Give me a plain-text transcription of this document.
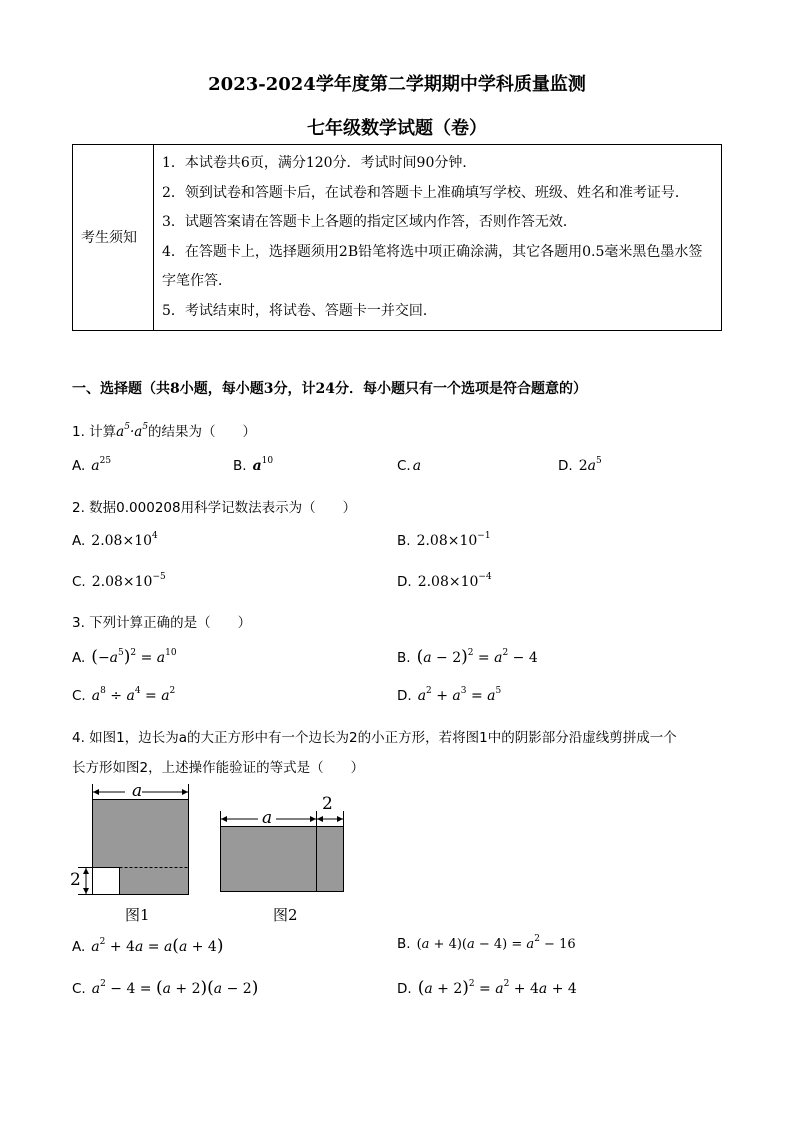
2023-2024学年度第二学期期中学科质量监测
七年级数学试题（卷）
考生须知	
1．本试卷共6页，满分120分．考试时间90分钟．
2．领到试卷和答题卡后，在试卷和答题卡上准确填写学校、班级、姓名和准考证号．
3．试题答案请在答题卡上各题的指定区域内作答，否则作答无效．
4．在答题卡上，选择题须用2B铅笔将选中项正确涂满，其它各题用0.5毫米黑色墨水签字笔作答．
5．考试结束时，将试卷、答题卡一并交回．
一、选择题（共8小题，每小题3分，计24分．每小题只有一个选项是符合题意的）
1. 计算$a^5\cdot a^5$的结果为（　　）
A. $a^{25}$	B. $a^{10}$	C. a	D. $2a^5$
2. 数据0.000208用科学记数法表示为（　　）
A. $2.08\times 10^4$	B. $2.08\times 10^{-1}$
C. $2.08\times 10^{-5}$	D. $2.08\times 10^{-4}$
3. 下列计算正确的是（　　）
A. $(-a^5)^2 = a^{10}$	B. $(a - 2)^2 = a^2 - 4$
C. $a^8 \div a^4 = a^2$	D. $a^2 + a^3 = a^5$
4. 如图1，边长为a的大正方形中有一个边长为2的小正方形，若将图1中的阴影部分沿虚线剪拼成一个
长方形如图2，上述操作能验证的等式是（　　）
a
2
图1
a
2
图2
A. $a^2 + 4a = a(a + 4)$	B. $(a + 4)(a - 4) = a^2 - 16$
C. $a^2 - 4 = (a + 2)(a - 2)$	D. $(a + 2)^2 = a^2 + 4a + 4$
